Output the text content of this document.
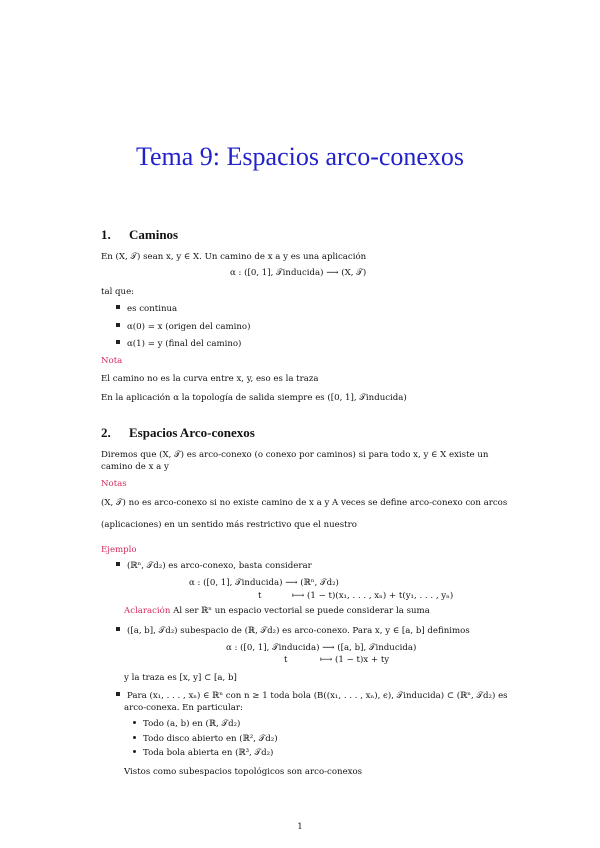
Tema 9: Espacios arco-conexos
1. Caminos
En (X, 𝒯) sean x, y ∈ X. Un camino de x a y es una aplicación
α : ([0, 1], 𝒯inducida) ⟶ (X, 𝒯)
tal que:
es continua
α(0) = x (origen del camino)
α(1) = y (final del camino)
Nota
El camino no es la curva entre x, y, eso es la traza
En la aplicación α la topología de salida siempre es ([0, 1], 𝒯inducida)
2. Espacios Arco-conexos
Diremos que (X, 𝒯) es arco-conexo (o conexo por caminos) si para todo x, y ∈ X existe un
camino de x a y
Notas
(X, 𝒯) no es arco-conexo si no existe camino de x a y A veces se define arco-conexo con arcos
(aplicaciones) en un sentido más restrictivo que el nuestro
Ejemplo
(ℝⁿ, 𝒯d₂) es arco-conexo, basta considerar
α : ([0, 1], 𝒯inducida) ⟶ (ℝⁿ, 𝒯d₂)
t	⟼ (1 − t)(x₁, . . . , xₙ) + t(y₁, . . . , yₙ)
Aclaración Al ser ℝⁿ un espacio vectorial se puede considerar la suma
([a, b], 𝒯d₂) subespacio de (ℝ, 𝒯d₂) es arco-conexo. Para x, y ∈ [a, b] definimos
α : ([0, 1], 𝒯inducida) ⟶ ([a, b], 𝒯inducida)
t	⟼ (1 − t)x + ty
y la traza es [x, y] ⊂ [a, b]
Para (x₁, . . . , xₙ) ∈ ℝⁿ con n ≥ 1 toda bola (B((x₁, . . . , xₙ), ϵ), 𝒯inducida) ⊂ (ℝⁿ, 𝒯d₂) es
arco-conexa. En particular:
Todo (a, b) en (ℝ, 𝒯d₂)
Todo disco abierto en (ℝ², 𝒯d₂)
Toda bola abierta en (ℝ³, 𝒯d₂)
Vistos como subespacios topológicos son arco-conexos
1
